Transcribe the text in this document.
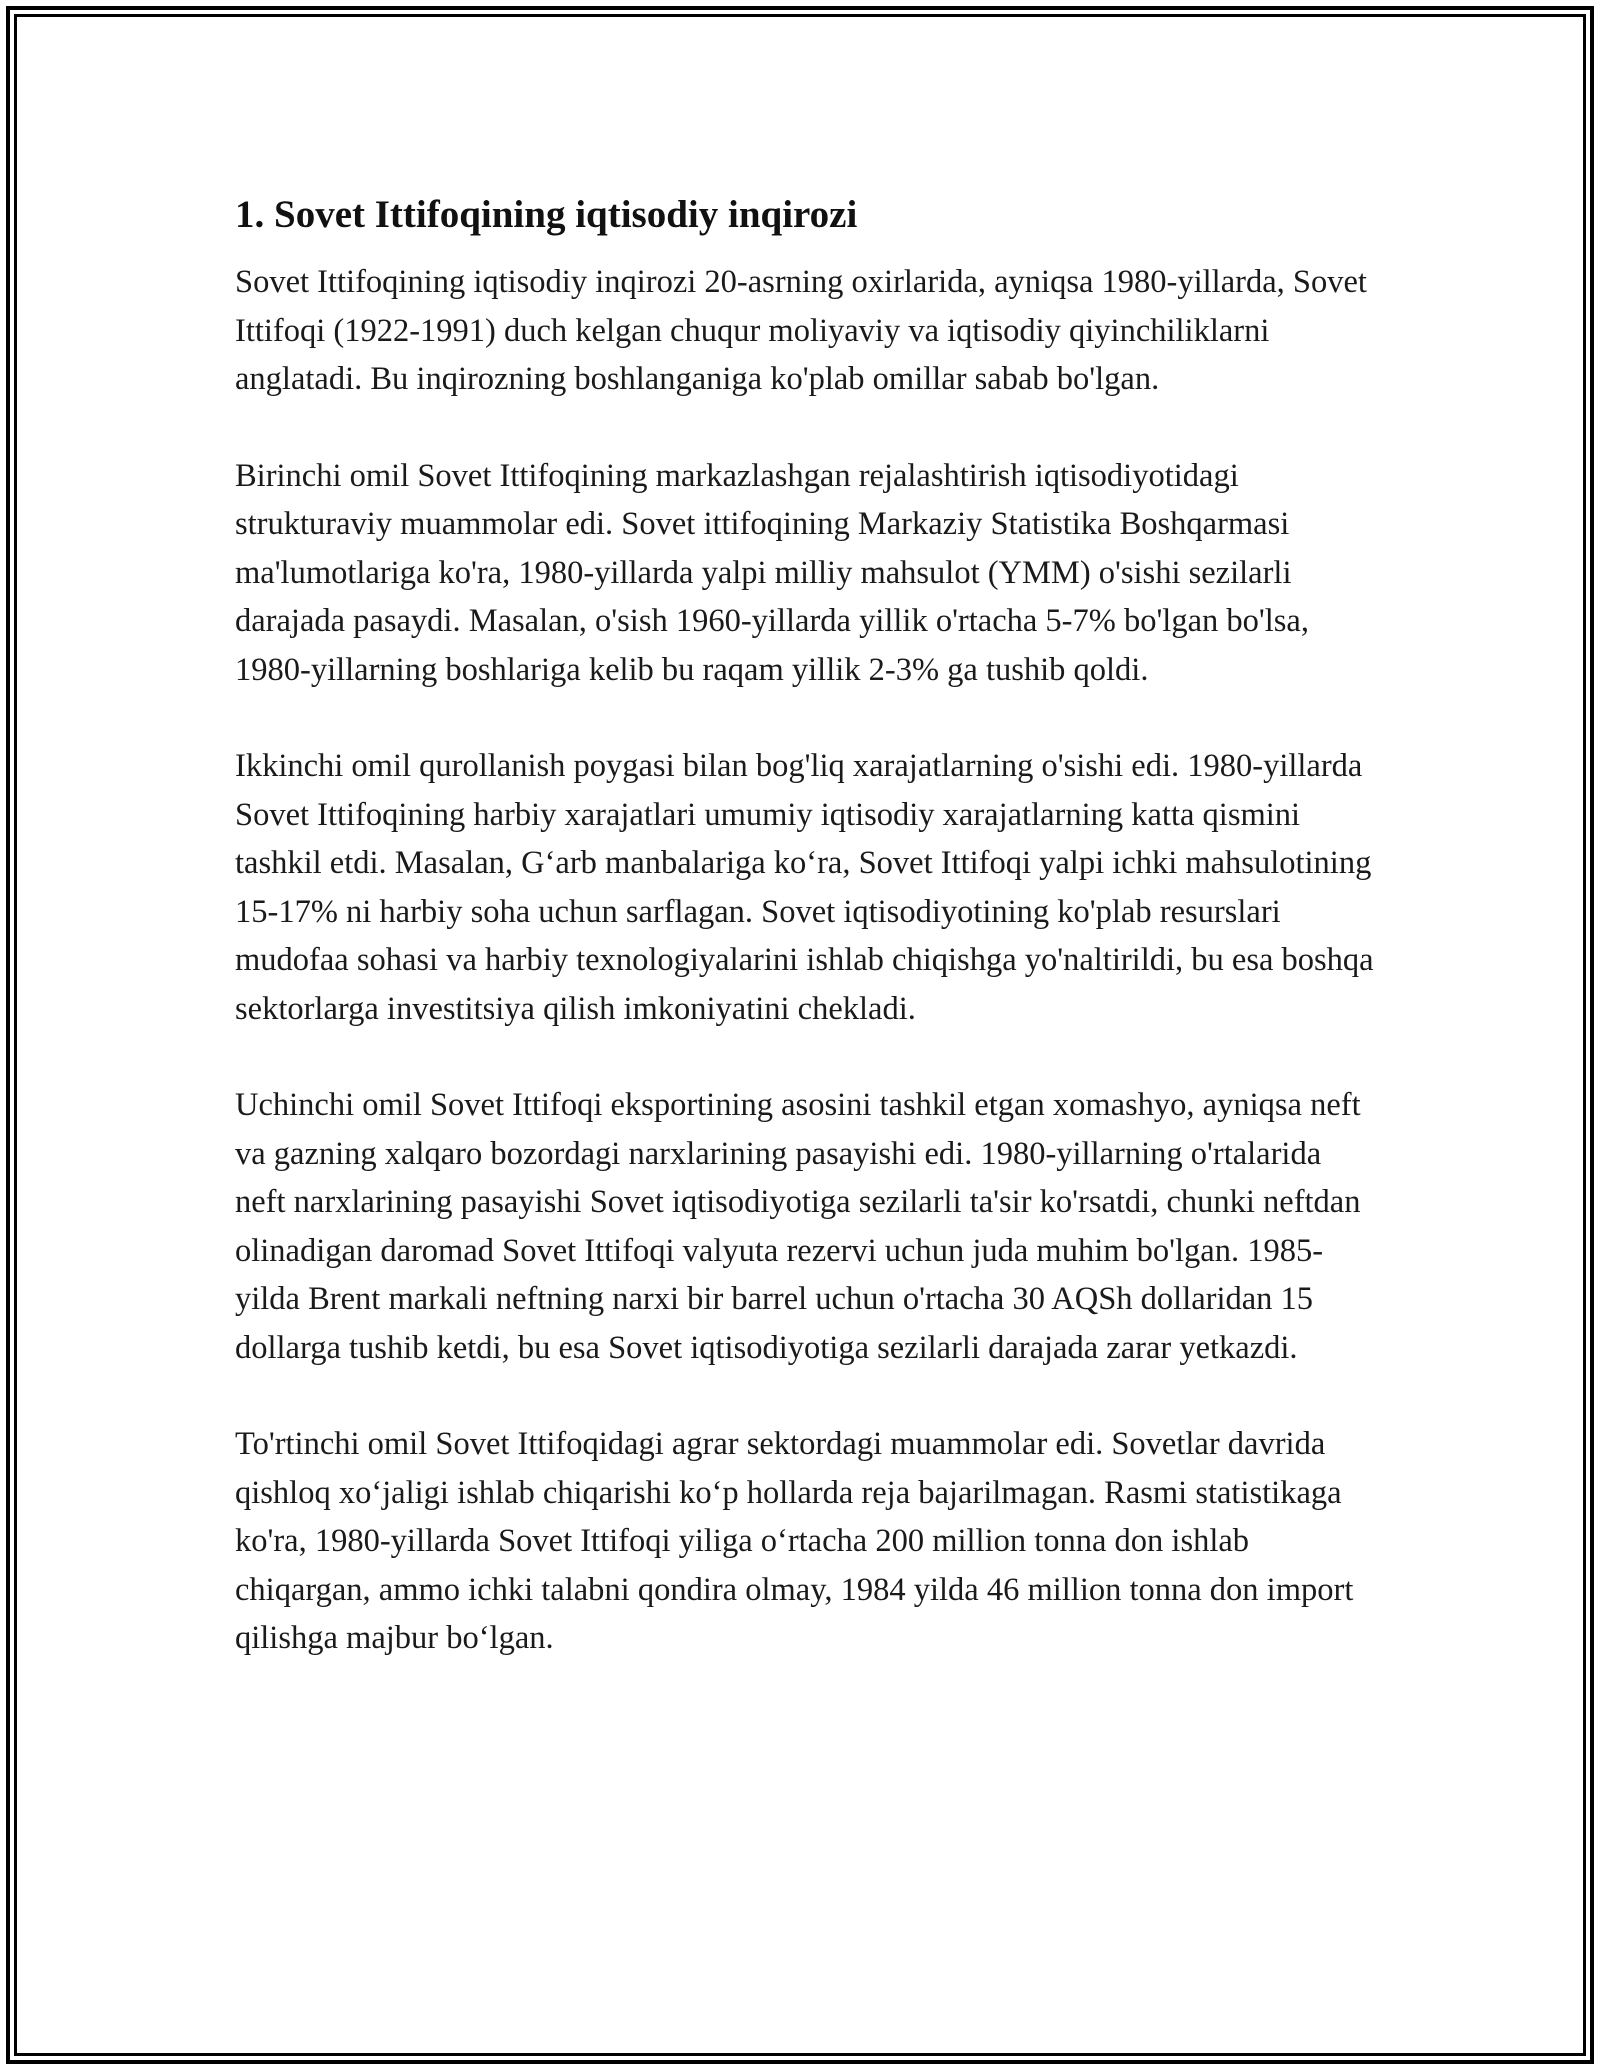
1. Sovet Ittifoqining iqtisodiy inqirozi

Sovet Ittifoqining iqtisodiy inqirozi 20-asrning oxirlarida, ayniqsa 1980-yillarda, Sovet Ittifoqi (1922-1991) duch kelgan chuqur moliyaviy va iqtisodiy qiyinchiliklarni anglatadi. Bu inqirozning boshlanganiga ko'plab omillar sabab bo'lgan.

Birinchi omil Sovet Ittifoqining markazlashgan rejalashtirish iqtisodiyotidagi strukturaviy muammolar edi. Sovet ittifoqining Markaziy Statistika Boshqarmasi ma'lumotlariga ko'ra, 1980-yillarda yalpi milliy mahsulot (YMM) o'sishi sezilarli darajada pasaydi. Masalan, o'sish 1960-yillarda yillik o'rtacha 5-7% bo'lgan bo'lsa, 1980-yillarning boshlariga kelib bu raqam yillik 2-3% ga tushib qoldi.

Ikkinchi omil qurollanish poygasi bilan bog'liq xarajatlarning o'sishi edi. 1980-yillarda Sovet Ittifoqining harbiy xarajatlari umumiy iqtisodiy xarajatlarning katta qismini tashkil etdi. Masalan, G‘arb manbalariga ko‘ra, Sovet Ittifoqi yalpi ichki mahsulotining 15-17% ni harbiy soha uchun sarflagan. Sovet iqtisodiyotining ko'plab resurslari mudofaa sohasi va harbiy texnologiyalarini ishlab chiqishga yo'naltirildi, bu esa boshqa sektorlarga investitsiya qilish imkoniyatini chekladi.

Uchinchi omil Sovet Ittifoqi eksportining asosini tashkil etgan xomashyo, ayniqsa neft va gazning xalqaro bozordagi narxlarining pasayishi edi. 1980-yillarning o'rtalarida neft narxlarining pasayishi Sovet iqtisodiyotiga sezilarli ta'sir ko'rsatdi, chunki neftdan olinadigan daromad Sovet Ittifoqi valyuta rezervi uchun juda muhim bo'lgan. 1985-yilda Brent markali neftning narxi bir barrel uchun o'rtacha 30 AQSh dollaridan 15 dollarga tushib ketdi, bu esa Sovet iqtisodiyotiga sezilarli darajada zarar yetkazdi.

To'rtinchi omil Sovet Ittifoqidagi agrar sektordagi muammolar edi. Sovetlar davrida qishloq xo‘jaligi ishlab chiqarishi ko‘p hollarda reja bajarilmagan. Rasmi statistikaga ko'ra, 1980-yillarda Sovet Ittifoqi yiliga o‘rtacha 200 million tonna don ishlab chiqargan, ammo ichki talabni qondira olmay, 1984 yilda 46 million tonna don import qilishga majbur bo‘lgan.
